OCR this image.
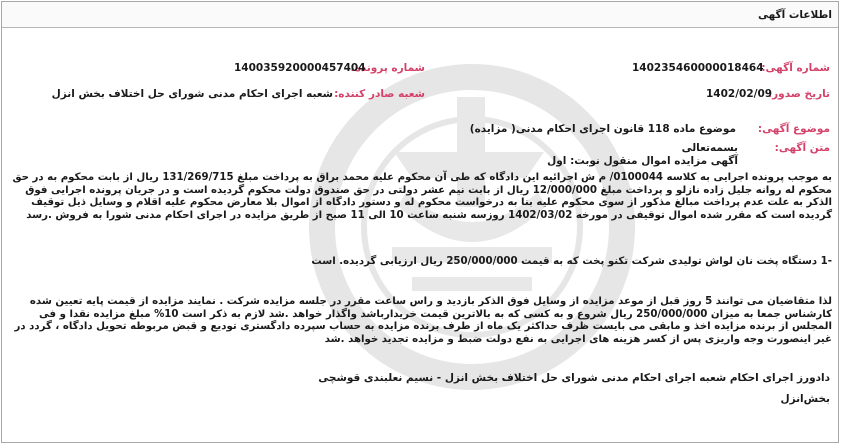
اطلاعات آگهی
شماره آگهی:
140235460000018464
شماره پرونده:
140035920000457404
تاریخ صدور:
1402/02/09
شعبه صادر کننده:
شعبه اجرای احکام مدنی شورای حل اختلاف بخش انزل
موضوع آگهی:
موضوع ماده 118 قانون اجرای احکام مدنی( مزایده)
متن آگهی:
بسمه‌تعالی
آگهی مزایده اموال منقول نوبت: اول
به موجب پرونده اجرایی به کلاسه 0100044/ م ش اجرائیه این دادگاه که طی آن محکوم علیه محمد براق به پرداخت مبلغ 131/269/715 ریال از بابت محکوم به در حق محکوم له روانه جلیل زاده نازلو و پرداخت مبلغ 12/000/000 ریال از بابت نیم عشر دولتی در حق صندوق دولت محکوم گردیده است و در جریان پرونده اجرایی فوق الذکر به علت عدم پرداخت مبالغ مذکور از سوی محکوم علیه بنا به درخواست محکوم له و دستور دادگاه از اموال بلا معارض محکوم علیه اقلام و وسایل ذیل توقیف گردیده است که مقرر شده اموال توقیفی در مورخه 1402/03/02 روزسه شنبه ساعت 10 الی 11 صبح از طریق مزایده در اجرای احکام مدنی شورا به فروش .رسد
-1 دستگاه پخت نان لواش تولیدی شرکت تکنو پخت که به قیمت 250/000/000 ریال ارزیابی گردیده. است
لذا متقاضیان می توانند 5 روز قبل از موعد مزایده از وسایل فوق الذکر بازدید و راس ساعت مقرر در جلسه مزایده شرکت . نمایند مزایده از قیمت پایه تعیین شده کارشناس جمعا به میزان 250/000/000 ریال شروع و به کسی که به بالاترین قیمت خریدارباشد واگذار خواهد .شد لازم به ذکر است 10% مبلغ مزایده نقدا و فی المجلس از برنده مزایده اخذ و مابقی می بایست ظرف حداکثر یک ماه از طرف برنده مزایده به حساب سپرده دادگستری تودیع و قبض مربوطه تحویل دادگاه ، گردد در غیر اینصورت وجه واریزی پس از کسر هزینه های اجرایی به نفع دولت ضبط و مزایده تجدید خواهد .شد
دادورز اجرای احکام شعبه اجرای احکام مدنی شورای حل اختلاف بخش انزل - نسیم نعلبندی قوشچی
بخش‌انزل
